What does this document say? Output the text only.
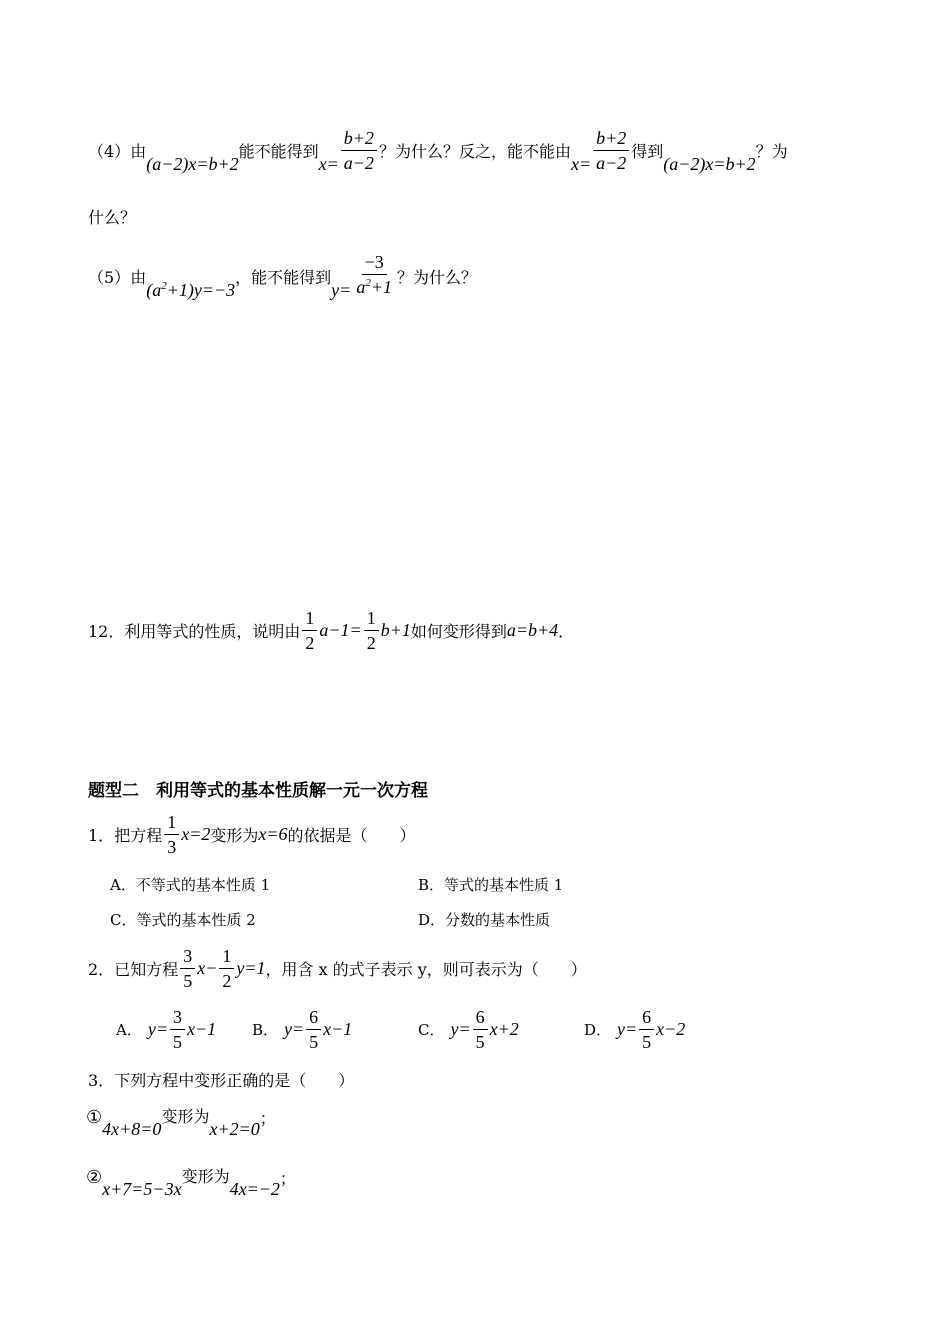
（4） 由
(a−2)x=b+2
能不能得到
$x= \frac{b+2}{a-2}$ ？为什么？反之，能不能由
$x= \frac{b+2}{a-2}$ 得到
(a−2)x=b+2
？为
什么？
（5） 由
$(a^2+1)y=-3$
， 能不能得到
$y= \frac{-3}{a^2+1}$ ？为什么？
12． 利用等式的性质，说明由 $\frac{1}{2} a-1= \frac{1}{2} b+1$ 如何变形得到 a=b+4 ．
题型二　利用等式的基本性质解一元一次方程
1． 把方程 $\frac{1}{3} x=2$ 变形为 x=6 的依据是（　　）
A．不等式的基本性质 1	B．等式的基本性质 1
C．等式的基本性质 2	D．分数的基本性质
2． 已知方程 $\frac{3}{5} x- \frac{1}{2} y=1$ ，用含 x 的式子表示 y，则可表示为（　　）
A． $y= \frac{3}{5} x-1$ B． $y= \frac{6}{5} x-1$	C． $y= \frac{6}{5} x+2$	D． $y= \frac{6}{5} x-2$
3． 下列方程中变形正确的是（　　）
①
4x+8=0
变形为
x+2=0
；
②
x+7=5−3x
变形为
4x=−2
；
